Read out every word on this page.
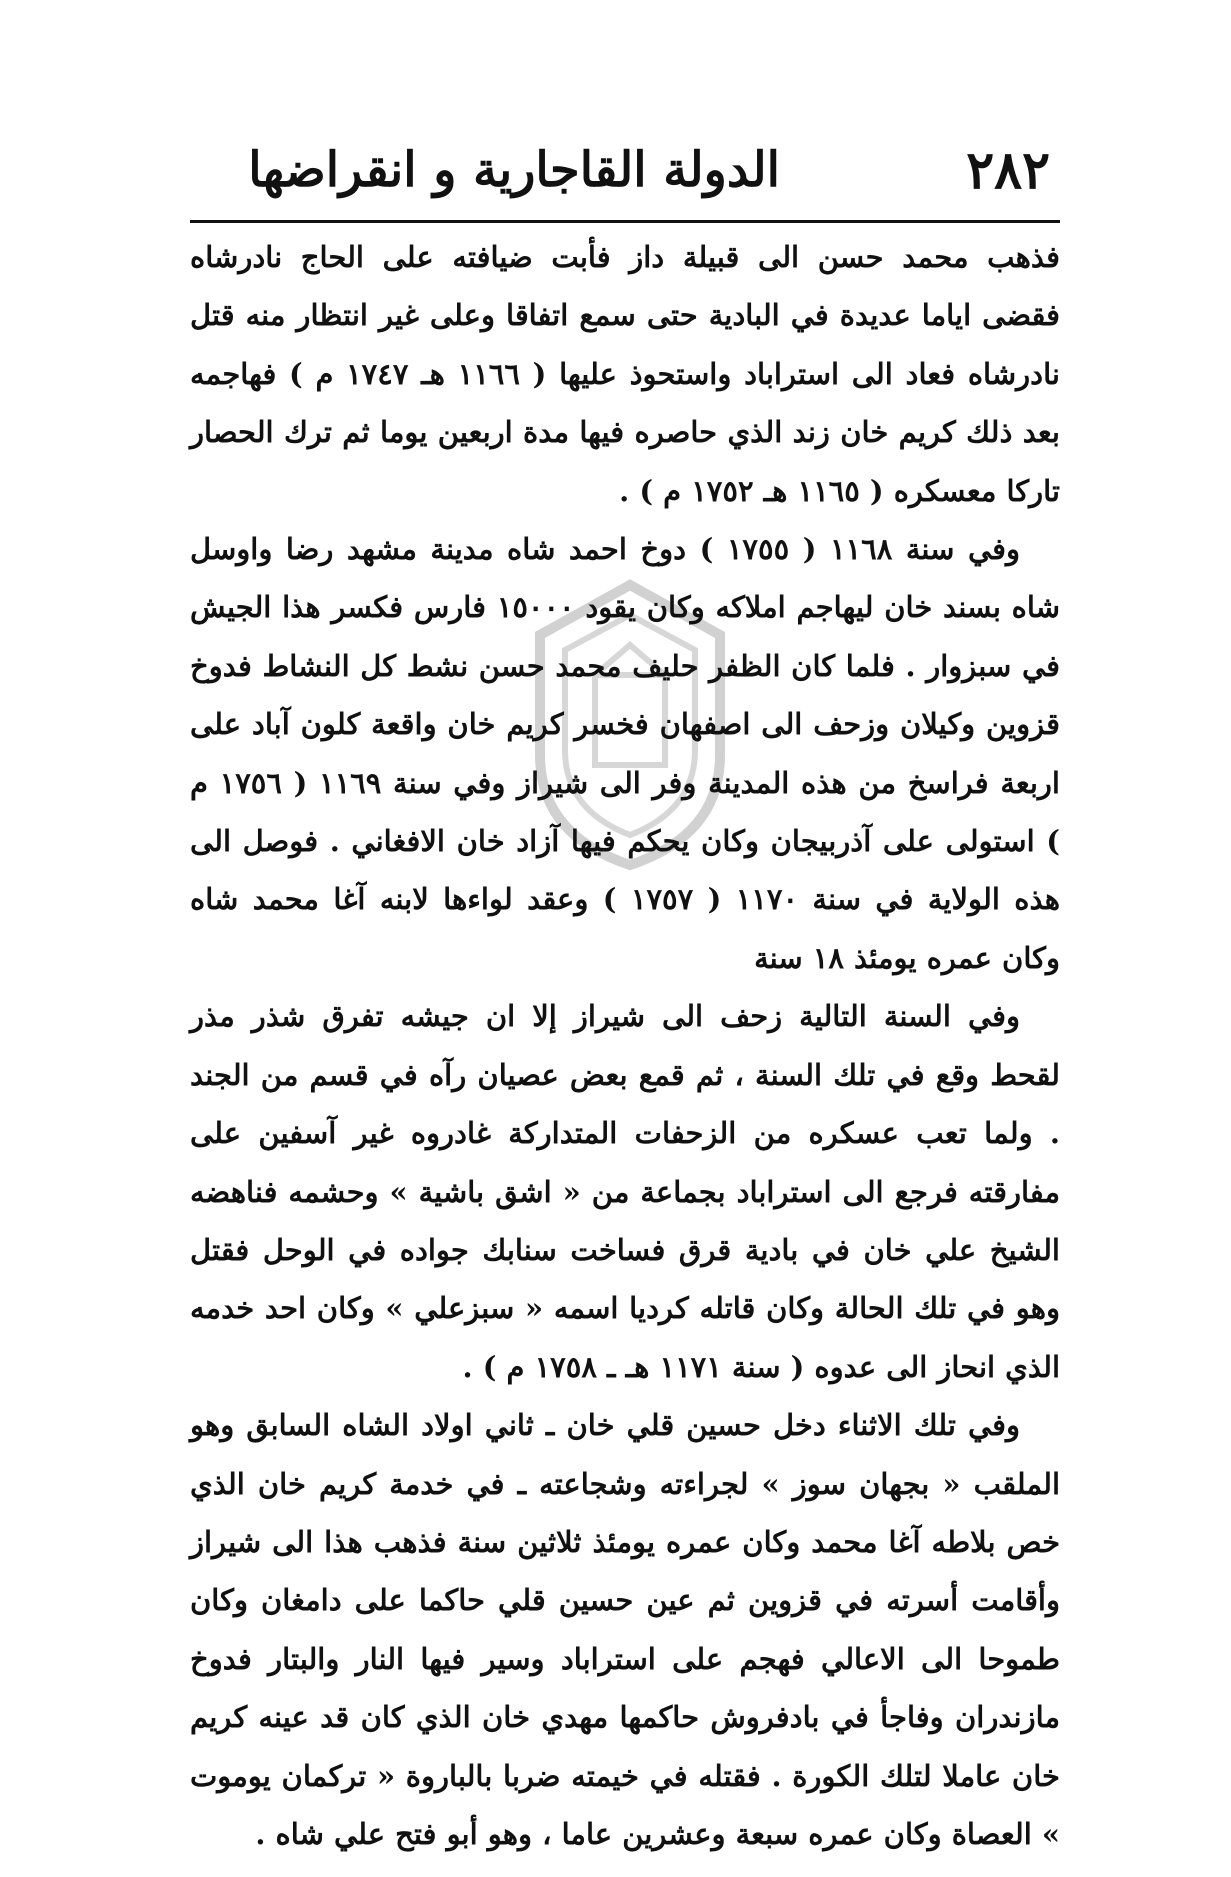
٢٨٢
الدولة القاجارية و انقراضها

فذهب محمد حسن الى قبيلة داز فأبت ضيافته على الحاج نادرشاه فقضى اياما عديدة في البادية حتى سمع اتفاقا وعلى غير انتظار منه قتل نادرشاه فعاد الى استراباد واستحوذ عليها ( ١١٦٦ هـ ١٧٤٧ م ) فهاجمه بعد ذلك كريم خان زند الذي حاصره فيها مدة اربعين يوما ثم ترك الحصار تاركا معسكره ( ١١٦٥ هـ ١٧٥٢ م ) .

وفي سنة ١١٦٨ ( ١٧٥٥ ) دوخ احمد شاه مدينة مشهد رضا واوسل شاه بسند خان ليهاجم املاكه وكان يقود ١٥٠٠٠ فارس فكسر هذا الجيش في سبزوار . فلما كان الظفر حليف محمد حسن نشط كل النشاط فدوخ قزوين وكيلان وزحف الى اصفهان فخسر كريم خان واقعة كلون آباد على اربعة فراسخ من هذه المدينة وفر الى شيراز وفي سنة ١١٦٩ ( ١٧٥٦ م ) استولى على آذربيجان وكان يحكم فيها آزاد خان الافغاني . فوصل الى هذه الولاية في سنة ١١٧٠ ( ١٧٥٧ ) وعقد لواءها لابنه آغا محمد شاه وكان عمره يومئذ ١٨ سنة

وفي السنة التالية زحف الى شيراز إلا ان جيشه تفرق شذر مذر لقحط وقع في تلك السنة ، ثم قمع بعض عصيان رآه في قسم من الجند . ولما تعب عسكره من الزحفات المتداركة غادروه غير آسفين على مفارقته فرجع الى استراباد بجماعة من « اشق باشية » وحشمه فناهضه الشيخ علي خان في بادية قرق فساخت سنابك جواده في الوحل فقتل وهو في تلك الحالة وكان قاتله كرديا اسمه « سبزعلي » وكان احد خدمه الذي انحاز الى عدوه ( سنة ١١٧١ هـ ـ ١٧٥٨ م ) .

وفي تلك الاثناء دخل حسين قلي خان ـ ثاني اولاد الشاه السابق وهو الملقب « بجهان سوز » لجراءته وشجاعته ـ في خدمة كريم خان الذي خص بلاطه آغا محمد وكان عمره يومئذ ثلاثين سنة فذهب هذا الى شيراز وأقامت أسرته في قزوين ثم عين حسين قلي حاكما على دامغان وكان طموحا الى الاعالي فهجم على استراباد وسير فيها النار والبتار فدوخ مازندران وفاجأ في بادفروش حاكمها مهدي خان الذي كان قد عينه كريم خان عاملا لتلك الكورة . فقتله في خيمته ضربا بالباروة « تركمان يوموت » العصاة وكان عمره سبعة وعشرين عاما ، وهو أبو فتح علي شاه .
